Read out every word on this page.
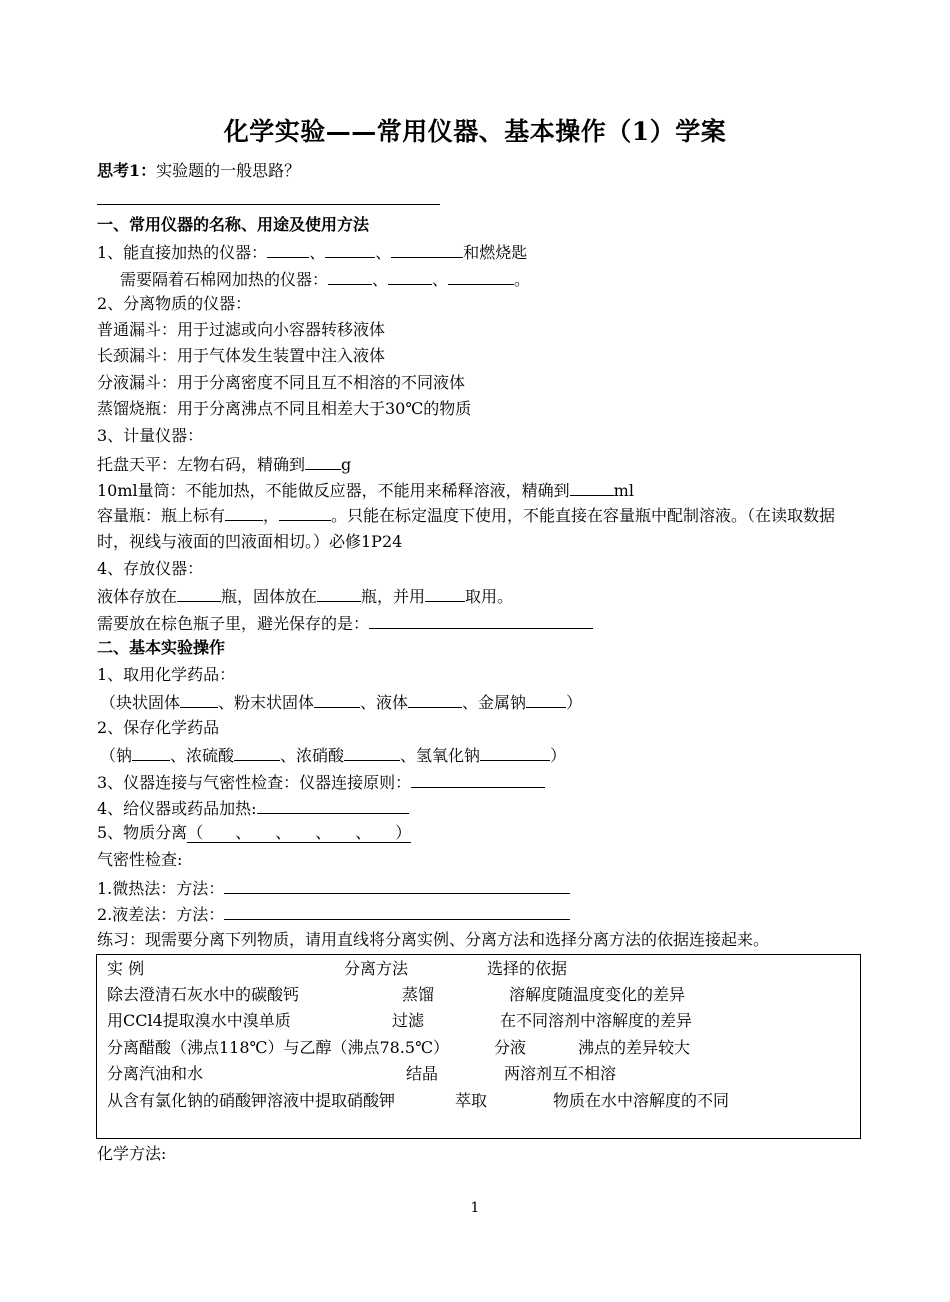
化学实验——常用仪器、基本操作（1）学案
思考1：实验题的一般思路？
一、常用仪器的名称、用途及使用方法
1、能直接加热的仪器：	、	、	和燃烧匙
需要隔着石棉网加热的仪器：	、	、	。
2、分离物质的仪器：
普通漏斗：用于过滤或向小容器转移液体
长颈漏斗：用于气体发生装置中注入液体
分液漏斗：用于分离密度不同且互不相溶的不同液体
蒸馏烧瓶：用于分离沸点不同且相差大于30℃的物质
3、计量仪器：
托盘天平：左物右码，精确到 g
10ml量筒：不能加热，不能做反应器，不能用来稀释溶液，精确到	ml
容量瓶：瓶上标有 ，	。只能在标定温度下使用，不能直接在容量瓶中配制溶液。（在读取数据时，视线与液面的凹液面相切。）必修1P24
4、存放仪器：
液体存放在	瓶，固体放在	瓶，并用	取用。
需要放在棕色瓶子里，避光保存的是：
二、基本实验操作
1、取用化学药品：
（块状固体 、粉末状固体	、液体	、金属钠	）
2、保存化学药品
（钠 、浓硫酸	、浓硝酸	、氢氧化钠	）
3、仪器连接与气密性检查：仪器连接原则：
4、给仪器或药品加热:
5、物质分离（　　、　　、　　、　　、　　）
气密性检查:
1.微热法：方法：
2.液差法：方法：
练习：现需要分离下列物质，请用直线将分离实例、分离方法和选择分离方法的依据连接起来。
实 例	分离方法	选择的依据
除去澄清石灰水中的碳酸钙	蒸馏	溶解度随温度变化的差异
用CCl4提取溴水中溴单质	过滤	在不同溶剂中溶解度的差异
分离醋酸（沸点118℃）与乙醇（沸点78.5℃）	分液	沸点的差异较大
分离汽油和水	结晶	两溶剂互不相溶
从含有氯化钠的硝酸钾溶液中提取硝酸钾	萃取	物质在水中溶解度的不同
化学方法:
1
